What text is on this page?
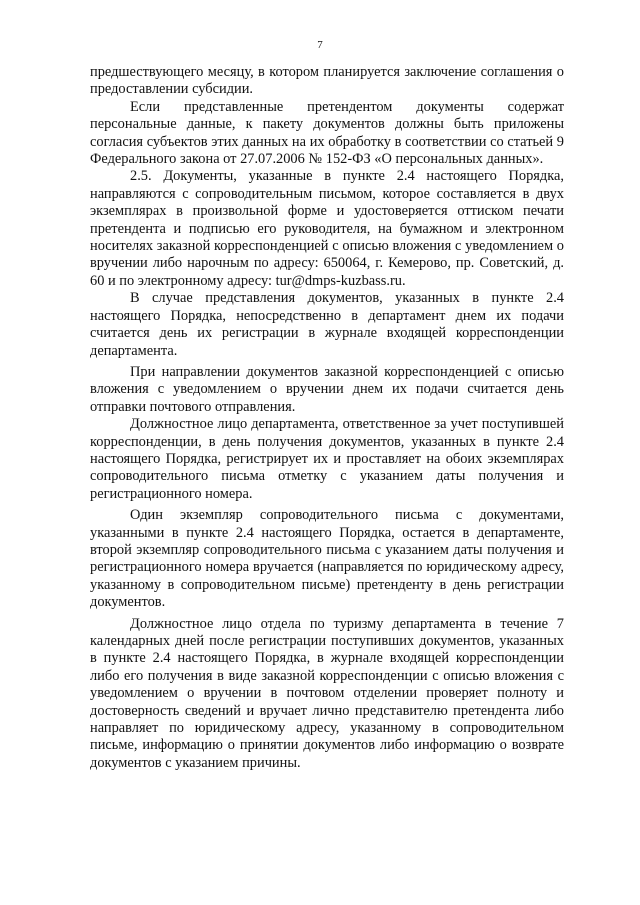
7

предшествующего месяцу, в котором планируется заключение соглашения о предоставлении субсидии.

Если представленные претендентом документы содержат персональные данные, к пакету документов должны быть приложены согласия субъектов этих данных на их обработку в соответствии со статьей 9 Федерального закона от 27.07.2006 № 152-ФЗ «О персональных данных».

2.5. Документы, указанные в пункте 2.4 настоящего Порядка, направляются с сопроводительным письмом, которое составляется в двух экземплярах в произвольной форме и удостоверяется оттиском печати претендента и подписью его руководителя, на бумажном и электронном носителях заказной корреспонденцией с описью вложения с уведомлением о вручении либо нарочным по адресу: 650064, г. Кемерово, пр. Советский, д. 60 и по электронному адресу: tur@dmps-kuzbass.ru.

В случае представления документов, указанных в пункте 2.4 настоящего Порядка, непосредственно в департамент днем их подачи считается день их регистрации в журнале входящей корреспонденции департамента.

При направлении документов заказной корреспонденцией с описью вложения с уведомлением о вручении днем их подачи считается день отправки почтового отправления.

Должностное лицо департамента, ответственное за учет поступившей корреспонденции, в день получения документов, указанных в пункте 2.4 настоящего Порядка, регистрирует их и проставляет на обоих экземплярах сопроводительного письма отметку с указанием даты получения и регистрационного номера.

Один экземпляр сопроводительного письма с документами, указанными в пункте 2.4 настоящего Порядка, остается в департаменте, второй экземпляр сопроводительного письма с указанием даты получения и регистрационного номера вручается (направляется по юридическому адресу, указанному в сопроводительном письме) претенденту в день регистрации документов.

Должностное лицо отдела по туризму департамента в течение 7 календарных дней после регистрации поступивших документов, указанных в пункте 2.4 настоящего Порядка, в журнале входящей корреспонденции либо его получения в виде заказной корреспонденции с описью вложения с уведомлением о вручении в почтовом отделении проверяет полноту и достоверность сведений и вручает лично представителю претендента либо направляет по юридическому адресу, указанному в сопроводительном письме, информацию о принятии документов либо информацию о возврате документов с указанием причины.
